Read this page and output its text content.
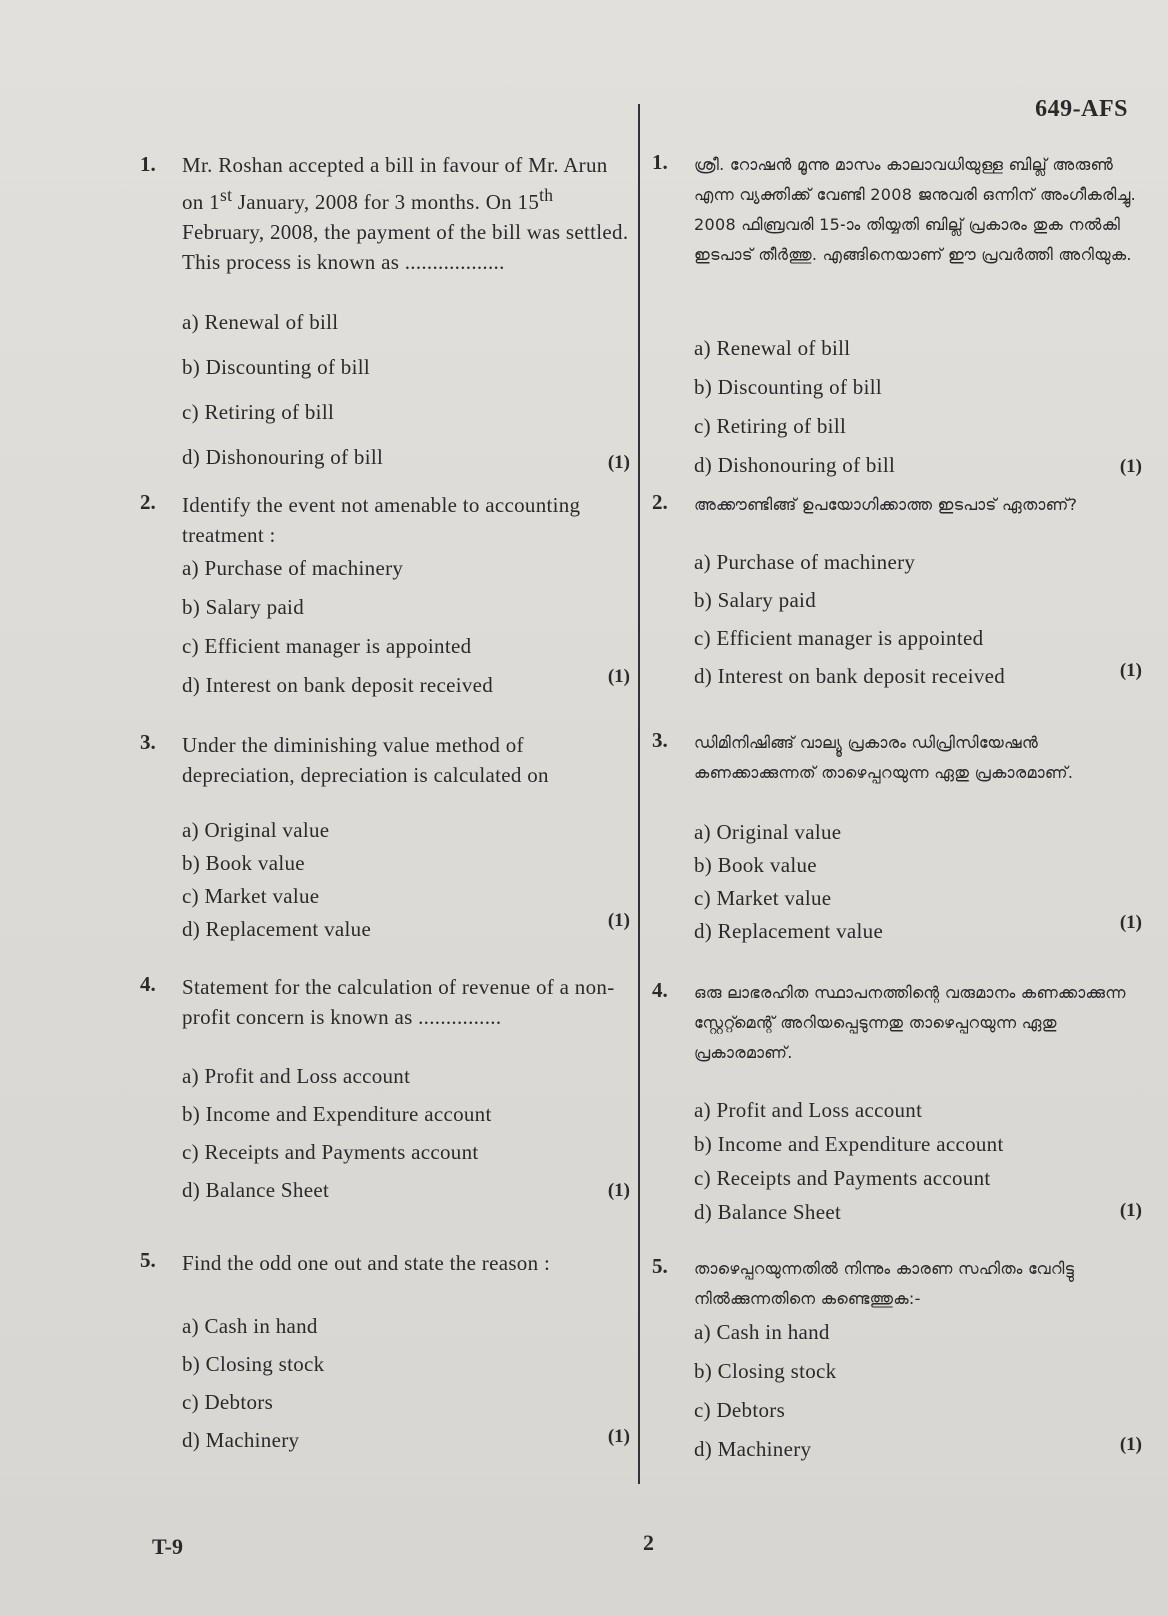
649-AFS
1. Mr. Roshan accepted a bill in favour of Mr. Arun on 1st January, 2008 for 3 months. On 15th February, 2008, the payment of the bill was settled. This process is known as ..................
a) Renewal of bill
b) Discounting of bill
c) Retiring of bill
d) Dishonouring of bill	(1)
2. Identify the event not amenable to accounting treatment :
a) Purchase of machinery
b) Salary paid
c) Efficient manager is appointed
d) Interest on bank deposit received	(1)
3. Under the diminishing value method of depreciation, depreciation is calculated on
a) Original value
b) Book value
c) Market value
d) Replacement value	(1)
4. Statement for the calculation of revenue of a non-profit concern is known as ...............
a) Profit and Loss account
b) Income and Expenditure account
c) Receipts and Payments account
d) Balance Sheet	(1)
5. Find the odd one out and state the reason :
a) Cash in hand
b) Closing stock
c) Debtors
d) Machinery	(1)
1. ശ്രീ. റോഷൻ മൂന്നു മാസം കാലാവധിയുള്ള ബില്ല് അരുൺ എന്ന വ്യക്തിക്ക് വേണ്ടി 2008 ജനുവരി ഒന്നിന് അംഗീകരിച്ചു. 2008 ഫിബ്രവരി 15-ാം തിയ്യതി ബില്ല് പ്രകാരം തുക നൽകി ഇടപാട് തീർത്തു. എങ്ങിനെയാണ് ഈ പ്രവർത്തി അറിയുക.
a) Renewal of bill
b) Discounting of bill
c) Retiring of bill
d) Dishonouring of bill	(1)
2. അക്കൗണ്ടിങ്ങ് ഉപയോഗിക്കാത്ത ഇടപാട് ഏതാണ്?
a) Purchase of machinery
b) Salary paid
c) Efficient manager is appointed
d) Interest on bank deposit received	(1)
3. ഡിമിനിഷിങ്ങ് വാല്യൂ പ്രകാരം ഡിപ്രിസിയേഷൻ കണക്കാക്കുന്നത് താഴെപ്പറയുന്ന ഏതു പ്രകാരമാണ്.
a) Original value
b) Book value
c) Market value
d) Replacement value	(1)
4. ഒരു ലാഭരഹിത സ്ഥാപനത്തിന്റെ വരുമാനം കണക്കാക്കുന്ന സ്റ്റേറ്റ്മെന്റ് അറിയപ്പെടുന്നതു താഴെപ്പറയുന്ന ഏതു പ്രകാരമാണ്.
a) Profit and Loss account
b) Income and Expenditure account
c) Receipts and Payments account
d) Balance Sheet	(1)
5. താഴെപ്പറയുന്നതിൽ നിന്നും കാരണ സഹിതം വേറിട്ടു നിൽക്കുന്നതിനെ കണ്ടെത്തുക:-
a) Cash in hand
b) Closing stock
c) Debtors
d) Machinery	(1)
T-9	2
